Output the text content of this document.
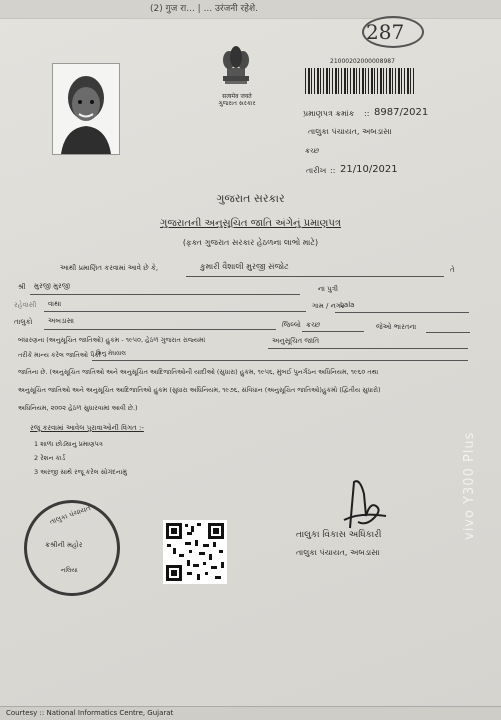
(2) गुज रा... | ... उरंजनी रहेशे.
287
सत्यमेव जयते
ગુજરાત સરકાર
21000202000008987
પ્રમાણપત્ર ક્રમાંક :: 8987/2021
તાલુકા પંચાયત, અબડાસા
ક્રચ્છ
તારીખ :: 21/10/2021
ગુજરાત સરકાર
ગુજરાતની અનુસૂચિત જાતિ અંગેનું પ્રમાણપત્ર
(ફક્ત ગુજરાત સરકાર હેઠળના લાભો માટે)
આથી પ્રમાણિત કરવામાં આવે છે કે,	કુમારી વૈશાલી મુરજી સંજોટ	તે
શ્રી મુરજી મુરજી	ના પુત્રી
રહેવાસી વાથા	ગામ / નગર
Lala
તાલુકો અબડાસા	જિલ્લો ક્રચ્છ	જેઓ ભારતના
બંધારણના (અનુસૂચિત જાતિઓ) હુકમ - ૧૯૫૦, હેઠળ ગુજરાત રાજ્યમાં	અનુસૂચિત જાતિ
તરીકે માન્ય કરેલ જાતિઓ પૈકી
મિનુ મેઘવાલ
જાતિના છે. (અનુસૂચિત જાતિઓ અને અનુસૂચિત આદિજાતિઓની યાદીઓ (સુધારા) હુકમ, ૧૯૫૬, મુંબઈ પુનર્ગઠન અધિનિયમ, ૧૯૬૦ તથા
અનુસૂચિત જાતિઓ અને અનુસૂચિત આદિજાતિઓ હુકમ (સુધારા અધિનિયમ, ૧૯૭૬, સંવિધાન (અનુસૂચિત જાતિઓ)હુકમો (દ્વિતીય સુધારો)
અધિનિયમ, ૨૦૦૨ હેઠળ સુધારવામાં આવી છે.)
રજૂ કરવામાં આવેલ પુરાવાઓની વિગત :-
1 શાળા છોડ્યાનુ પ્રમાણપત્ર
2 રેશન કાર્ડ
3 અરજી સાથે રજૂ કરેલ સોગંદનામું
તાલુકા પંચાયત
ક્રશ્રીની મહોર
નલિયા
તાલુકા વિકાસ અધિકારી
તાલુકા પંચાયત, અબડાસા
Courtesy :: National Informatics Centre, Gujarat
vivo Y300 Plus
